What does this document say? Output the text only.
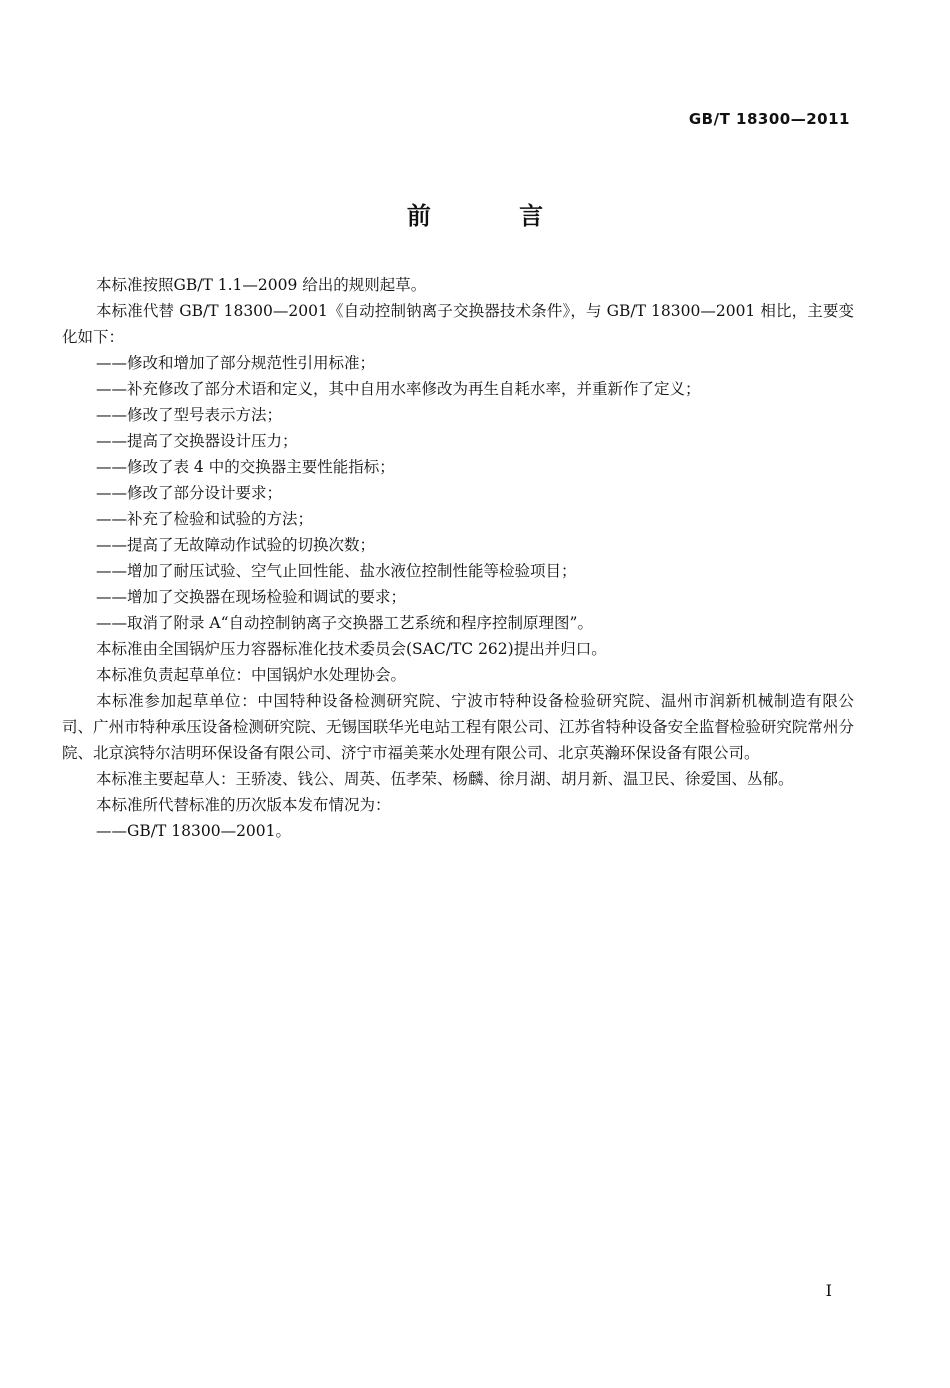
GB/T 18300—2011
前 言

本标准按照GB/T 1.1—2009 给出的规则起草。

本标准代替 GB/T 18300—2001《自动控制钠离子交换器技术条件》，与 GB/T 18300—2001 相比，主要变化如下：

——修改和增加了部分规范性引用标准；

——补充修改了部分术语和定义，其中自用水率修改为再生自耗水率，并重新作了定义；

——修改了型号表示方法；

——提高了交换器设计压力；

——修改了表 4 中的交换器主要性能指标；

——修改了部分设计要求；

——补充了检验和试验的方法；

——提高了无故障动作试验的切换次数；

——增加了耐压试验、空气止回性能、盐水液位控制性能等检验项目；

——增加了交换器在现场检验和调试的要求；

——取消了附录 A“自动控制钠离子交换器工艺系统和程序控制原理图”。

本标准由全国锅炉压力容器标准化技术委员会(SAC/TC 262)提出并归口。

本标准负责起草单位：中国锅炉水处理协会。

本标准参加起草单位：中国特种设备检测研究院、宁波市特种设备检验研究院、温州市润新机械制造有限公司、广州市特种承压设备检测研究院、无锡国联华光电站工程有限公司、江苏省特种设备安全监督检验研究院常州分院、北京滨特尔洁明环保设备有限公司、济宁市福美莱水处理有限公司、北京英瀚环保设备有限公司。

本标准主要起草人：王骄凌、钱公、周英、伍孝荣、杨麟、徐月湖、胡月新、温卫民、徐爱国、丛郁。

本标准所代替标准的历次版本发布情况为：

——GB/T 18300—2001。

I
